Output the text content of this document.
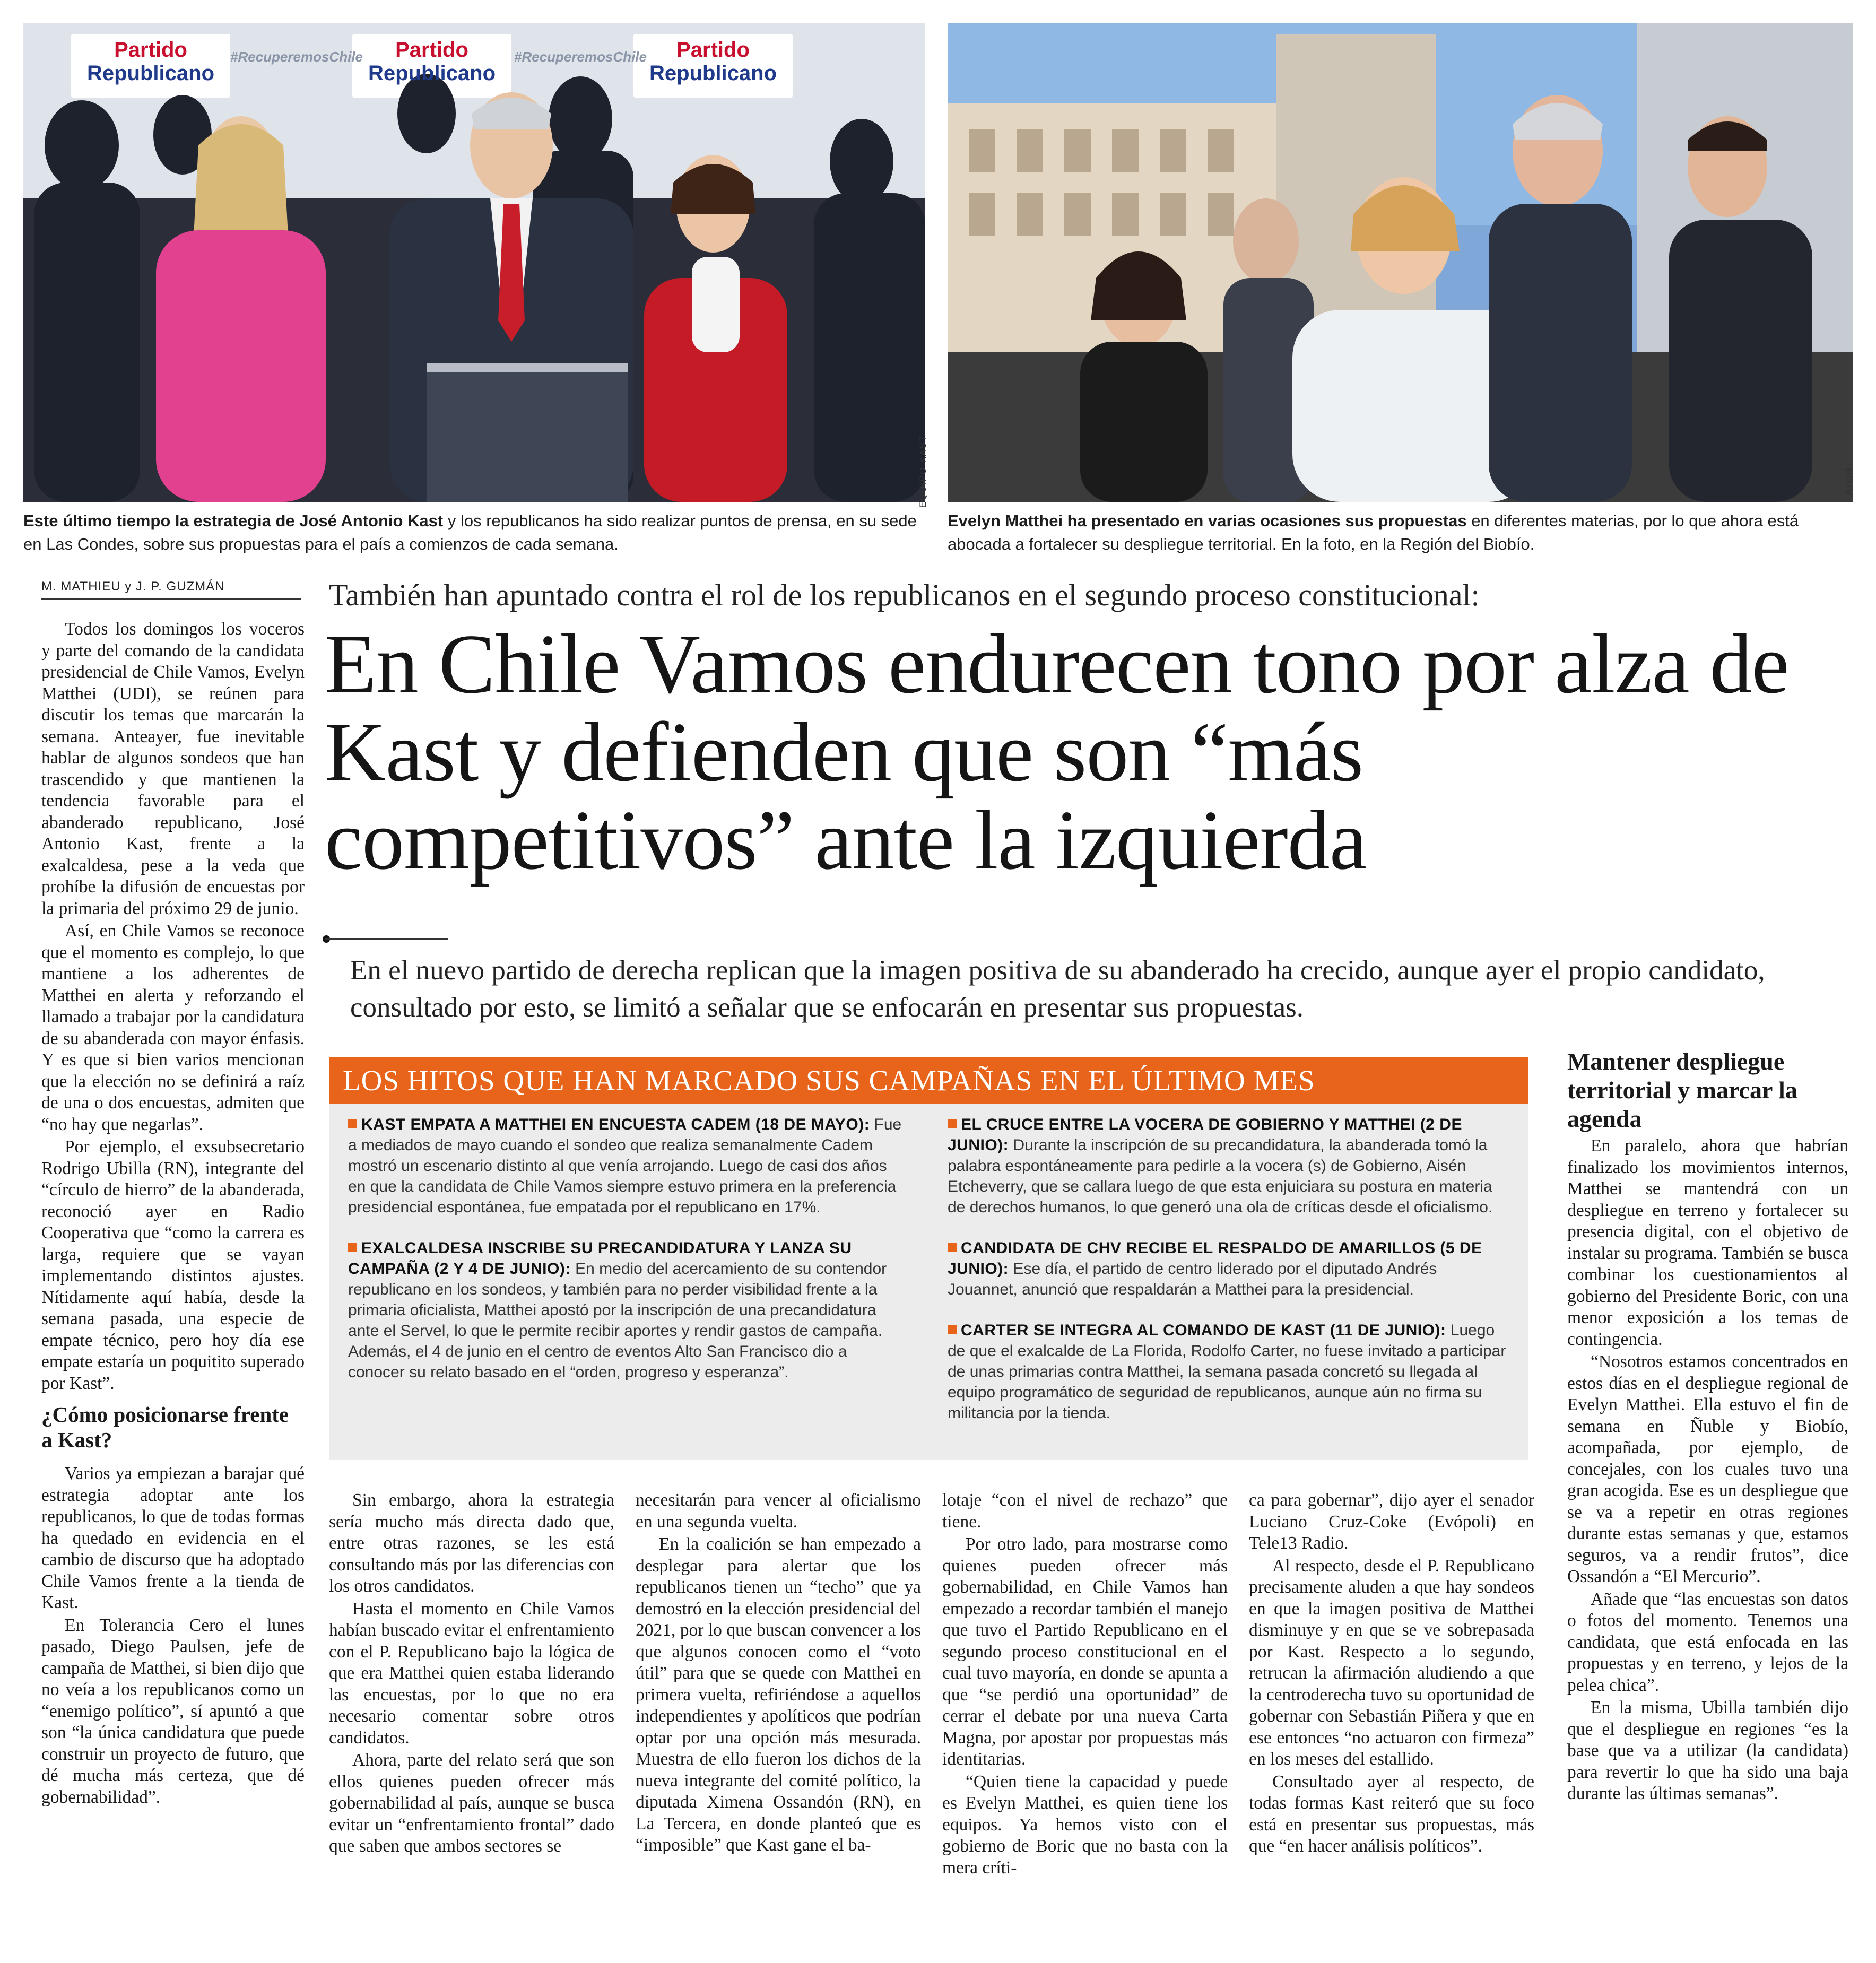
Partido
Republicano
Partido
Republicano
Partido
Republicano
#RecuperemosChile	#RecuperemosChile
EQUIPO KAST	ATON
Este último tiempo la estrategia de José Antonio Kast y los republicanos ha sido realizar puntos de prensa, en su sede en Las Condes, sobre sus propuestas para el país a comienzos de cada semana.
Evelyn Matthei ha presentado en varias ocasiones sus propuestas en diferentes materias, por lo que ahora está abocada a fortalecer su despliegue territorial. En la foto, en la Región del Biobío.
M. MATHIEU y J. P. GUZMÁN	También han apuntado contra el rol de los republicanos en el segundo proceso constitucional:
En Chile Vamos endurecen tono por alza de Kast y defienden que son “más competitivos” ante la izquierda
En el nuevo partido de derecha replican que la imagen positiva de su abanderado ha crecido, aunque ayer el propio candidato, consultado por esto, se limitó a señalar que se enfocarán en presentar sus propuestas.

Todos los domingos los voceros y parte del comando de la candidata presidencial de Chile Vamos, Evelyn Matthei (UDI), se reúnen para discutir los temas que marcarán la semana. Anteayer, fue inevitable hablar de algunos sondeos que han trascendido y que mantienen la tendencia favorable para el abanderado republicano, José Antonio Kast, frente a la exalcaldesa, pese a la veda que prohíbe la difusión de encuestas por la primaria del próximo 29 de junio.

Así, en Chile Vamos se reconoce que el momento es complejo, lo que mantiene a los adherentes de Matthei en alerta y reforzando el llamado a trabajar por la candidatura de su abanderada con mayor énfasis. Y es que si bien varios mencionan que la elección no se definirá a raíz de una o dos encuestas, admiten que “no hay que negarlas”.

Por ejemplo, el exsubsecretario Rodrigo Ubilla (RN), integrante del “círculo de hierro” de la abanderada, reconoció ayer en Radio Cooperativa que “como la carrera es larga, requiere que se vayan implementando distintos ajustes. Nítidamente aquí había, desde la semana pasada, una especie de empate técnico, pero hoy día ese empate estaría un poquitito superado por Kast”.

¿Cómo posicionarse frente a Kast?

Varios ya empiezan a barajar qué estrategia adoptar ante los republicanos, lo que de todas formas ha quedado en evidencia en el cambio de discurso que ha adoptado Chile Vamos frente a la tienda de Kast.

En Tolerancia Cero el lunes pasado, Diego Paulsen, jefe de campaña de Matthei, si bien dijo que no veía a los republicanos como un “enemigo político”, sí apuntó a que son “la única candidatura que puede construir un proyecto de futuro, que dé mucha más certeza, que dé gobernabilidad”.

LOS HITOS QUE HAN MARCADO SUS CAMPAÑAS EN EL ÚLTIMO MES
KAST EMPATA A MATTHEI EN ENCUESTA CADEM (18 DE MAYO): Fue a mediados de mayo cuando el sondeo que realiza semanalmente Cadem mostró un escenario distinto al que venía arrojando. Luego de casi dos años en que la candidata de Chile Vamos siempre estuvo primera en la preferencia presidencial espontánea, fue empatada por el republicano en 17%.
EXALCALDESA INSCRIBE SU PRECANDIDATURA Y LANZA SU CAMPAÑA (2 Y 4 DE JUNIO): En medio del acercamiento de su contendor republicano en los sondeos, y también para no perder visibilidad frente a la primaria oficialista, Matthei apostó por la inscripción de una precandidatura ante el Servel, lo que le permite recibir aportes y rendir gastos de campaña. Además, el 4 de junio en el centro de eventos Alto San Francisco dio a conocer su relato basado en el “orden, progreso y esperanza”.
EL CRUCE ENTRE LA VOCERA DE GOBIERNO Y MATTHEI (2 DE JUNIO): Durante la inscripción de su precandidatura, la abanderada tomó la palabra espontáneamente para pedirle a la vocera (s) de Gobierno, Aisén Etcheverry, que se callara luego de que esta enjuiciara su postura en materia de derechos humanos, lo que generó una ola de críticas desde el oficialismo.
CANDIDATA DE CHV RECIBE EL RESPALDO DE AMARILLOS (5 DE JUNIO): Ese día, el partido de centro liderado por el diputado Andrés Jouannet, anunció que respaldarán a Matthei para la presidencial.
CARTER SE INTEGRA AL COMANDO DE KAST (11 DE JUNIO): Luego de que el exalcalde de La Florida, Rodolfo Carter, no fuese invitado a participar de unas primarias contra Matthei, la semana pasada concretó su llegada al equipo programático de seguridad de republicanos, aunque aún no firma su militancia por la tienda.

Sin embargo, ahora la estrategia sería mucho más directa dado que, entre otras razones, se les está consultando más por las diferencias con los otros candidatos.

Hasta el momento en Chile Vamos habían buscado evitar el enfrentamiento con el P. Republicano bajo la lógica de que era Matthei quien estaba liderando las encuestas, por lo que no era necesario comentar sobre otros candidatos.

Ahora, parte del relato será que son ellos quienes pueden ofrecer más gobernabilidad al país, aunque se busca evitar un “enfrentamiento frontal” dado que saben que ambos sectores se

necesitarán para vencer al oficialismo en una segunda vuelta.

En la coalición se han empezado a desplegar para alertar que los republicanos tienen un “techo” que ya demostró en la elección presidencial del 2021, por lo que buscan convencer a los que algunos conocen como el “voto útil” para que se quede con Matthei en primera vuelta, refiriéndose a aquellos independientes y apolíticos que podrían optar por una opción más mesurada. Muestra de ello fueron los dichos de la nueva integrante del comité político, la diputada Ximena Ossandón (RN), en La Tercera, en donde planteó que es “imposible” que Kast gane el ba-

lotaje “con el nivel de rechazo” que tiene.

Por otro lado, para mostrarse como quienes pueden ofrecer más gobernabilidad, en Chile Vamos han empezado a recordar también el manejo que tuvo el Partido Republicano en el segundo proceso constitucional en el cual tuvo mayoría, en donde se apunta a que “se perdió una oportunidad” de cerrar el debate por una nueva Carta Magna, por apostar por propuestas más identitarias.

“Quien tiene la capacidad y puede es Evelyn Matthei, es quien tiene los equipos. Ya hemos visto con el gobierno de Boric que no basta con la mera críti-

ca para gobernar”, dijo ayer el senador Luciano Cruz-Coke (Evópoli) en Tele13 Radio.

Al respecto, desde el P. Republicano precisamente aluden a que hay sondeos en que la imagen positiva de Matthei disminuye y en que se ve sobrepasada por Kast. Respecto a lo segundo, retrucan la afirmación aludiendo a que la centroderecha tuvo su oportunidad de gobernar con Sebastián Piñera y que en ese entonces “no actuaron con firmeza” en los meses del estallido.

Consultado ayer al respecto, de todas formas Kast reiteró que su foco está en presentar sus propuestas, más que “en hacer análisis políticos”.

Mantener despliegue territorial y marcar la agenda

En paralelo, ahora que habrían finalizado los movimientos internos, Matthei se mantendrá con un despliegue en terreno y fortalecer su presencia digital, con el objetivo de instalar su programa. También se busca combinar los cuestionamientos al gobierno del Presidente Boric, con una menor exposición a los temas de contingencia.

“Nosotros estamos concentrados en estos días en el despliegue regional de Evelyn Matthei. Ella estuvo el fin de semana en Ñuble y Biobío, acompañada, por ejemplo, de concejales, con los cuales tuvo una gran acogida. Ese es un despliegue que se va a repetir en otras regiones durante estas semanas y que, estamos seguros, va a rendir frutos”, dice Ossandón a “El Mercurio”.

Añade que “las encuestas son datos o fotos del momento. Tenemos una candidata, que está enfocada en las propuestas y en terreno, y lejos de la pelea chica”.

En la misma, Ubilla también dijo que el despliegue en regiones “es la base que va a utilizar (la candidata) para revertir lo que ha sido una baja durante las últimas semanas”.
